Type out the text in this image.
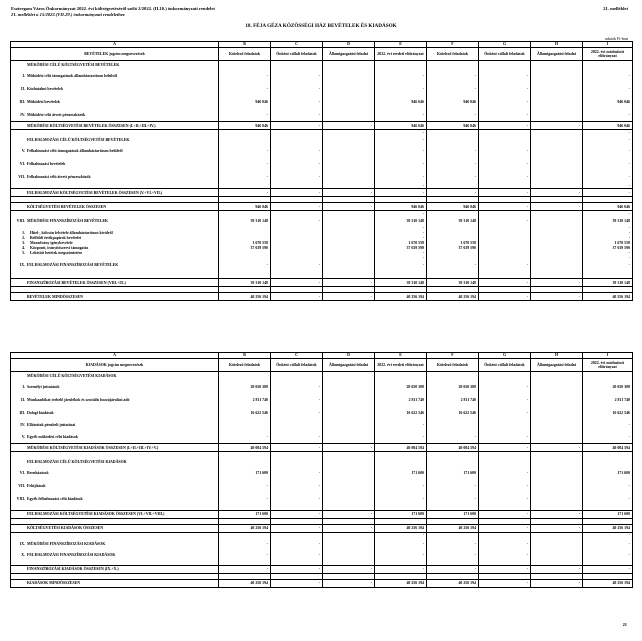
Esztergom Város Önkormányzat 2022. évi költségvetéséről szóló 2/2022. (II.10.) önkormányzati rendelet
21. melléklet a 15/2022.(VII.29.) önkormányzati rendelethez
21. melléklet
18. FÉJA GÉZA KÖZÖSSÉGI HÁZ BEVÉTELEK ÉS KIADÁSOK
adatok Ft-ban
A	B	C	D	E	F	G	H	I
BEVÉTELEK jogcím megnevezések	Kötelező feladatok	Önként vállalt feladatok	Államigazgatási feladat	2022. évi eredeti előirányzat	Kötelező feladatok	Önként vállalt feladatok	Államigazgatási feladat	2022. évi módosított előirányzat
MŰKÖDÉSI CÉLÚ KÖLTSÉGVETÉSI BEVÉTELEK								
I. Működési célú támogatások államháztartáson belülről	-	-		-	-	-		-
II. Közhatalmi bevételek	-	-		-	-	-		-
III. Működési bevételek	946 046	-		946 046	946 046	-		946 046
IV. Működési célú átvett pénzeszközök	-	-		-	-	-		-
MŰKÖDÉSI KÖLTSÉGVETÉSI BEVÉTELEK ÖSSZESEN (I.+II.+III.+IV.)	946 046	-	-	946 046	946 046	-	-	946 046
				-				-
FELHALMOZÁSI CÉLÚ KÖLTSÉGVETÉSI BEVÉTELEK				-				-
V. Felhalmozási célú támogatások államháztartáson belülről	-	-		-	-	-		-
VI. Felhalmozási bevételek	-	-		-	-	-		-
VII. Felhalmozási célú átvett pénzeszközök	-	-		-	-	-		-
				-				-
FELHALMOZÁSI KÖLTSÉGVETÉSI BEVÉTELEK ÖSSZESEN (V.+VI.+VII.)	-	-	-	-	-	-	-	-

KÖLTSÉGVETÉSI BEVÉTELEK ÖSSZESEN	946 046	-	-	946 046	946 046	-	-	946 046
				-				-
VIII. MŰKÖDÉSI FINANSZÍROZÁSI BEVÉTELEK	39 310 148	-		39 310 148	39 310 148	-		39 310 148
				-				-
1. Hitel-, kölcsön felvétele államháztartáson kívülről				-				-
2. Belföldi értékpapírok bevételei				-				-
3. Maradvány igénybevétele	1 670 558			1 670 558	1 670 558			1 670 558
4. Központi, irányítószervi támogatás	37 639 590			37 639 590	37 639 590			37 639 590
5. Lekötött betétek megszüntetése				-				-
				-				-
IX. FELHALMOZÁSI FINANSZÍROZÁSI BEVÉTELEK	-	-		-	-	-		-

FINANSZÍROZÁSI BEVÉTELEK ÖSSZESEN (VIII.+IX.)	39 310 148	-	-	39 310 148	39 310 148	-	-	39 310 148

BEVÉTELEK MINDÖSSZESEN	40 256 194	-	-	40 256 194	40 256 194	-	-	40 256 194
A	B	C	D	E	F	G	H	I
KIADÁSOK jogcím megnevezések	Kötelező feladatok	Önként vállalt feladatok	Államigazgatási feladat	2022. évi eredeti előirányzat	Kötelező feladatok	Önként vállalt feladatok	Államigazgatási feladat	2022. évi módosított előirányzat
MŰKÖDÉSI CÉLÚ KÖLTSÉGVETÉSI KIADÁSOK								
I. Személyi juttatások	20 650 308	-		20 650 308	20 650 308	-		20 650 308
II. Munkaadókat terhelő járulékok és szociális hozzájárulási adó	2 811 740	-		2 811 740	2 811 740	-		2 811 740
III. Dologi kiadások	16 622 546	-		16 622 546	16 622 546	-		16 622 546
IV. Ellátottak pénzbeli juttatásai				-				-
V. Egyéb működési célú kiadások	-	-		-	-	-		-
MŰKÖDÉSI KÖLTSÉGVETÉSI KIADÁSOK ÖSSZESEN (I.+II.+III.+IV.+V.)	40 084 594	-	-	40 084 594	40 084 594	-	-	40 084 594

FELHALMOZÁSI CÉLÚ KÖLTSÉGVETÉSI KIADÁSOK								
VI. Beruházások	171 600	-		171 600	171 600	-		171 600
VII. Felújítások	-	-		-	-	-		-
VIII. Egyéb felhalmozási célú kiadások	-	-		-	-	-		-

FELHALMOZÁSI KÖLTSÉGVETÉSI KIADÁSOK ÖSSZESEN (VI.+VII.+VIII.)	171 600	-	-	171 600	171 600	-	-	171 600

KÖLTSÉGVETÉSI KIADÁSOK ÖSSZESEN	40 256 194	-	-	40 256 194	40 256 194	-	-	40 256 194
				-				-
IX. MŰKÖDÉSI FINANSZÍROZÁSI KIADÁSOK	-	-		-	-	-		-
X. FELHALMOZÁSI FINANSZÍROZÁSI KIADÁSOK	-	-		-	-	-		-

FINANSZÍROZÁSI KIADÁSOK ÖSSZESEN (IX.+X.)	-	-	-	-	-	-	-	-

KIADÁSOK MINDÖSSZESEN	40 256 194	-	-	40 256 194	40 256 194	-	-	40 256 194
21
